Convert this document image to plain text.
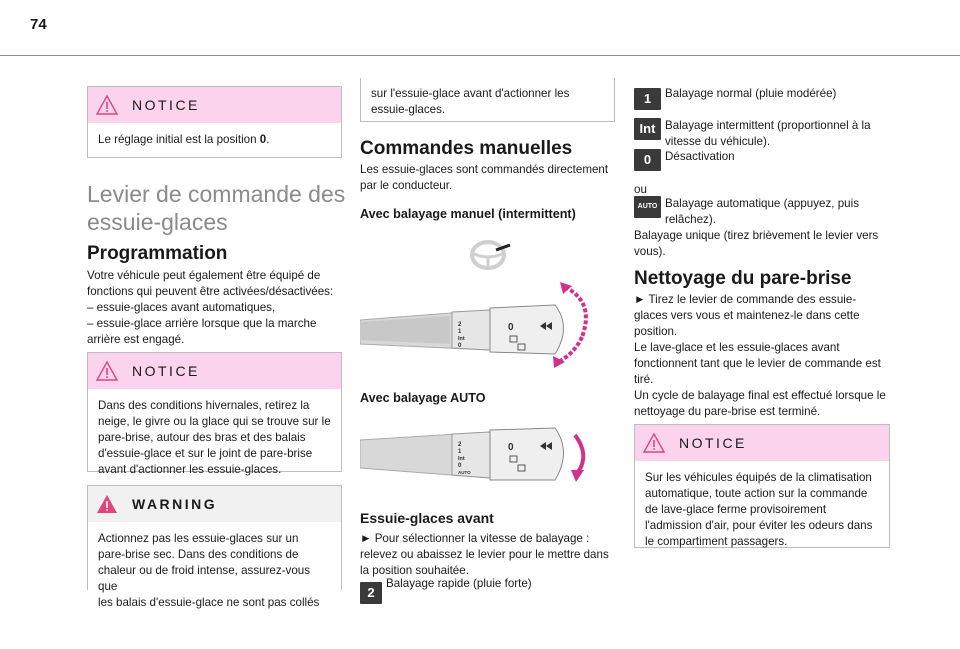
74
NOTICE
Le réglage initial est la position 0.
Levier de commande des
essuie-glaces
Programmation
Votre véhicule peut également être équipé de
fonctions qui peuvent être activées/désactivées:
– essuie-glaces avant automatiques,
– essuie-glace arrière lorsque que la marche
arrière est engagé.
NOTICE
Dans des conditions hivernales, retirez la
neige, le givre ou la glace qui se trouve sur le
pare-brise, autour des bras et des balais
d'essuie-glace et sur le joint de pare-brise
avant d'actionner les essuie-glaces.
WARNING
Actionnez pas les essuie-glaces sur un
pare-brise sec. Dans des conditions de
chaleur ou de froid intense, assurez-vous que
les balais d'essuie-glace ne sont pas collés
sur l'essuie-glace avant d'actionner les
essuie-glaces.
Commandes manuelles
Les essuie-glaces sont commandés directement
par le conducteur.
Avec balayage manuel (intermittent)
2
1
Int
0
0
Avec balayage AUTO
2
1
Int
0
AUTO
0
Essuie-glaces avant
► Pour sélectionner la vitesse de balayage :
relevez ou abaissez le levier pour le mettre dans
la position souhaitée.
2
Balayage rapide (pluie forte)
1	Balayage normal (pluie modérée)
Int Balayage intermittent (proportionnel à la
vitesse du véhicule).
0	Désactivation
ou
AUTO Balayage automatique (appuyez, puis
relâchez).
Balayage unique (tirez brièvement le levier vers
vous).
Nettoyage du pare-brise
► Tirez le levier de commande des essuie-
glaces vers vous et maintenez-le dans cette
position.
Le lave-glace et les essuie-glaces avant
fonctionnent tant que le levier de commande est
tiré.
Un cycle de balayage final est effectué lorsque le
nettoyage du pare-brise est terminé.
NOTICE
Sur les véhicules équipés de la climatisation
automatique, toute action sur la commande
de lave-glace ferme provisoirement
l'admission d'air, pour éviter les odeurs dans
le compartiment passagers.
